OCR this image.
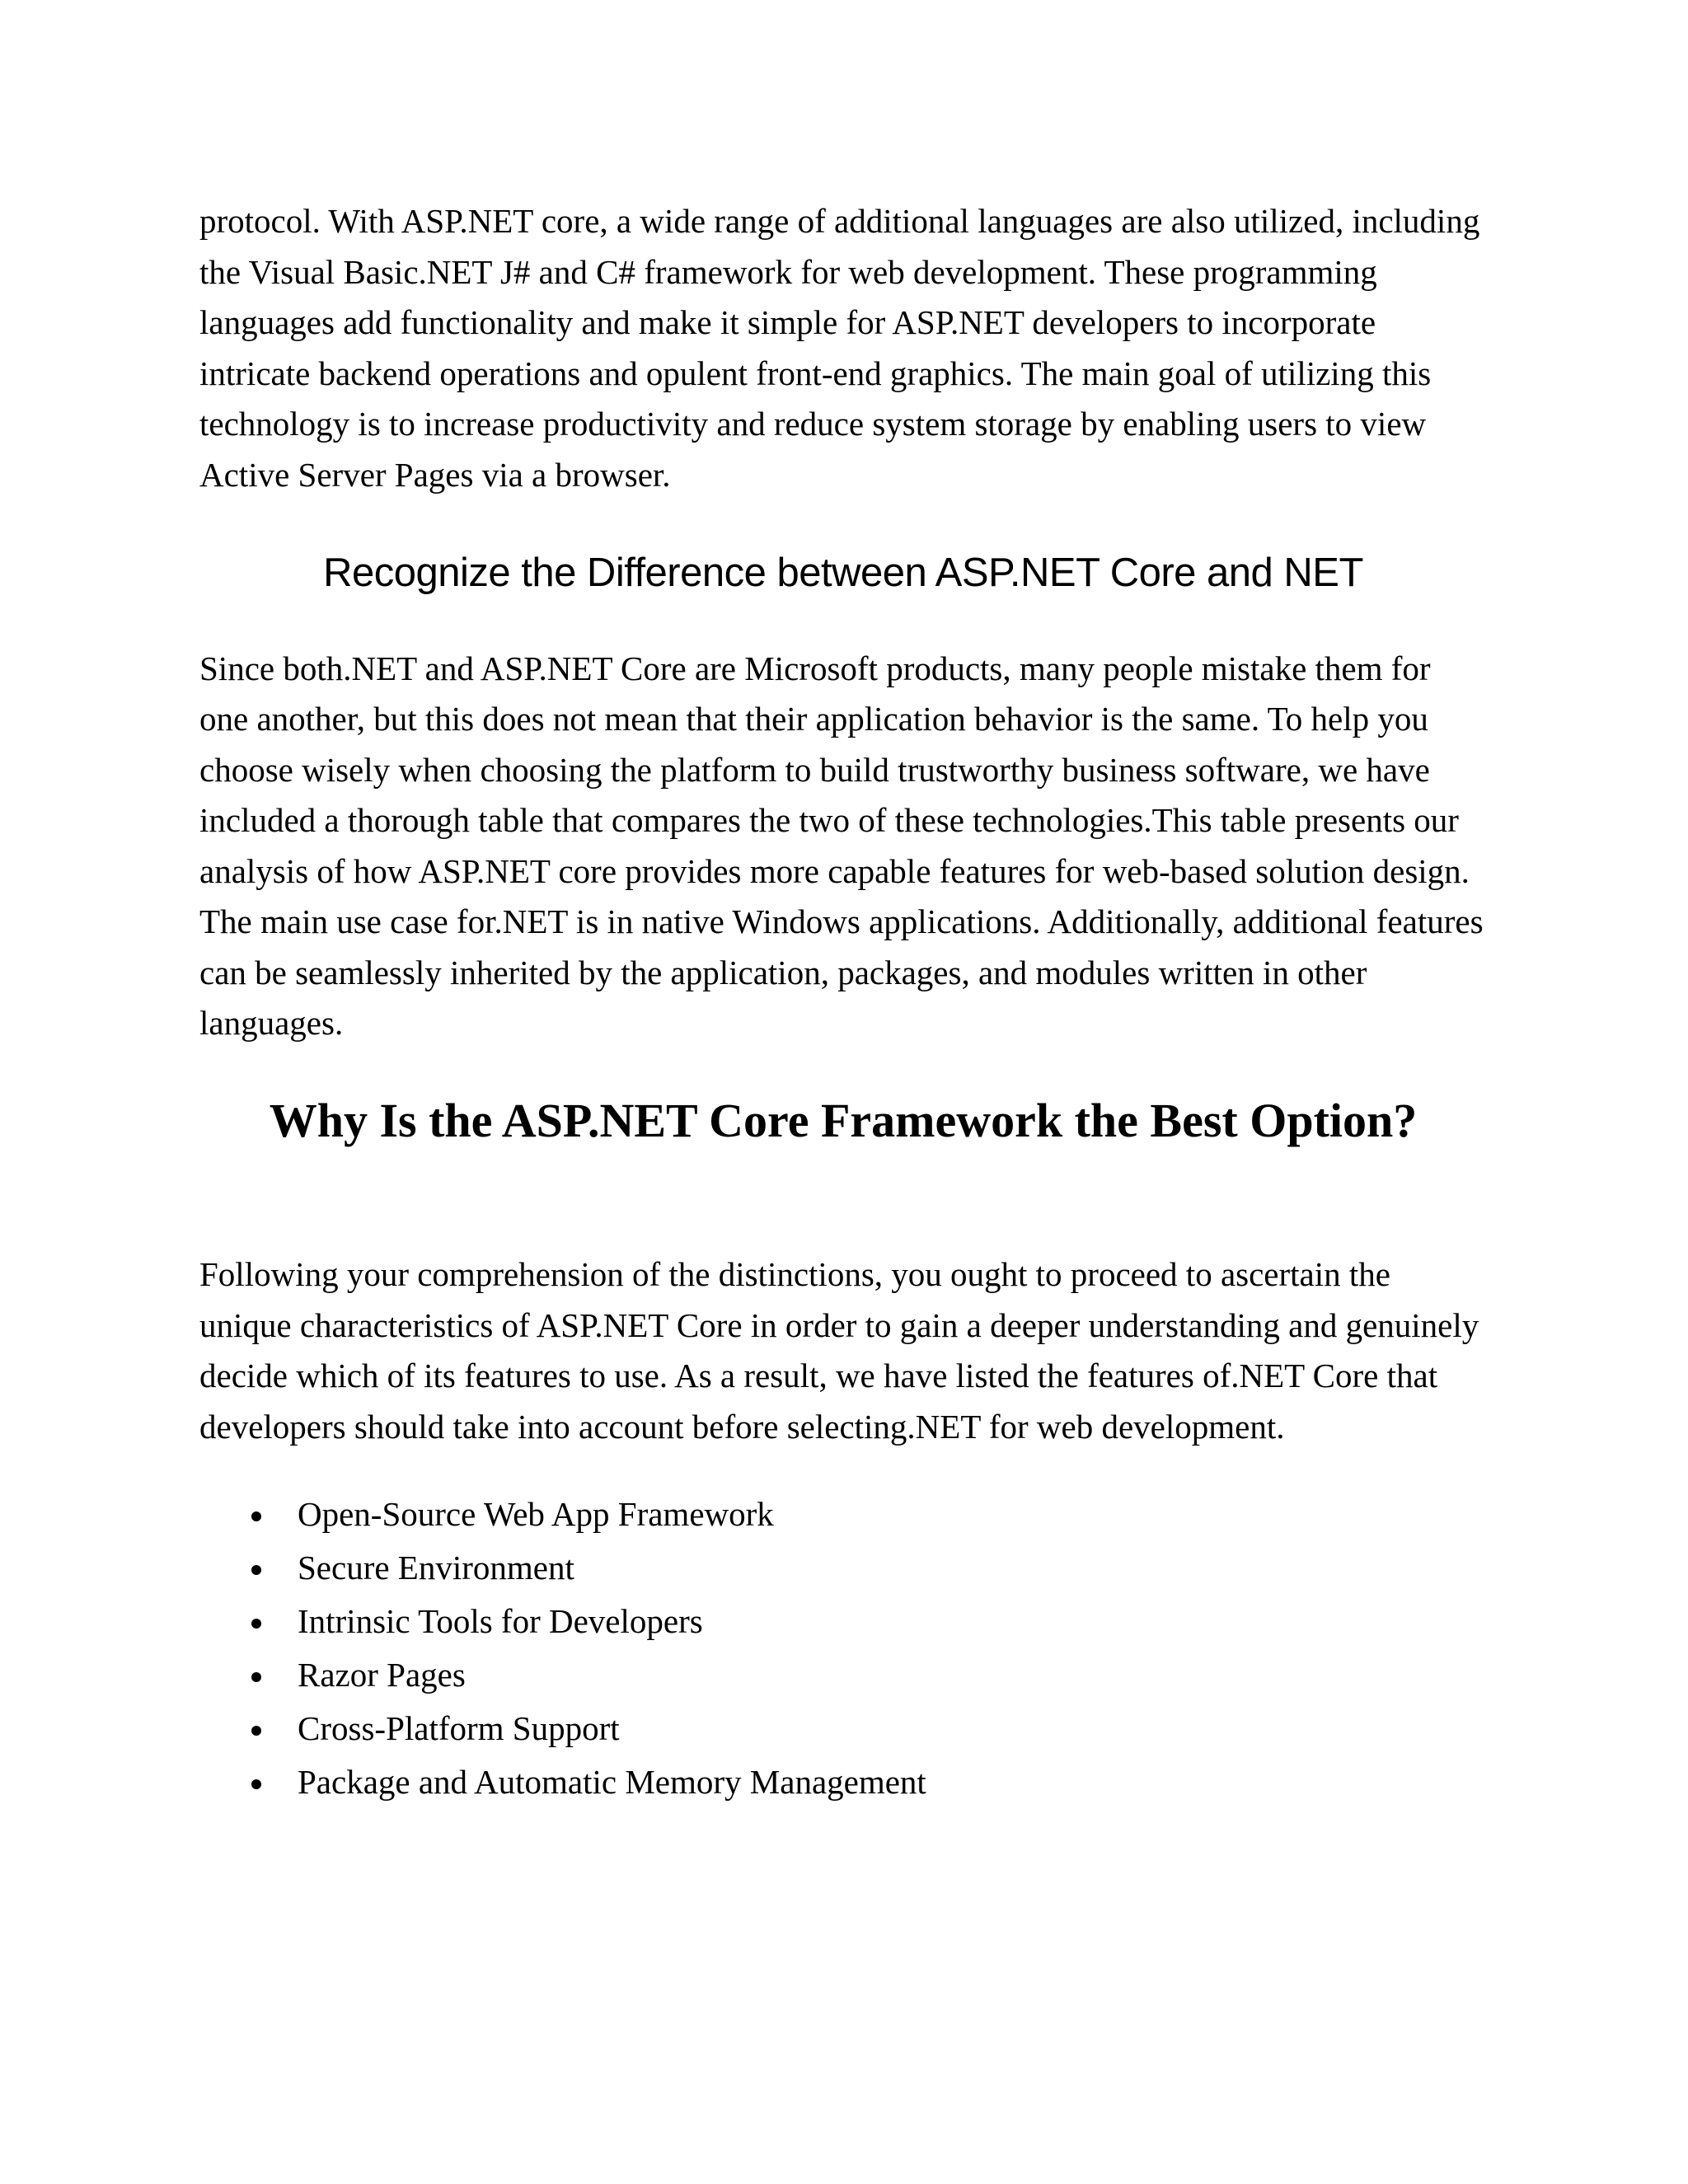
protocol. With ASP.NET core, a wide range of additional languages are also utilized, including the Visual Basic.NET J# and C# framework for web development. These programming languages add functionality and make it simple for ASP.NET developers to incorporate intricate backend operations and opulent front-end graphics. The main goal of utilizing this technology is to increase productivity and reduce system storage by enabling users to view Active Server Pages via a browser.

Recognize the Difference between ASP.NET Core and NET

Since both.NET and ASP.NET Core are Microsoft products, many people mistake them for one another, but this does not mean that their application behavior is the same. To help you choose wisely when choosing the platform to build trustworthy business software, we have included a thorough table that compares the two of these technologies.This table presents our analysis of how ASP.NET core provides more capable features for web-based solution design. The main use case for.NET is in native Windows applications. Additionally, additional features can be seamlessly inherited by the application, packages, and modules written in other languages.

Why Is the ASP.NET Core Framework the Best Option?

Following your comprehension of the distinctions, you ought to proceed to ascertain the unique characteristics of ASP.NET Core in order to gain a deeper understanding and genuinely decide which of its features to use. As a result, we have listed the features of.NET Core that developers should take into account before selecting.NET for web development.

Open-Source Web App Framework
Secure Environment
Intrinsic Tools for Developers
Razor Pages
Cross-Platform Support
Package and Automatic Memory Management
